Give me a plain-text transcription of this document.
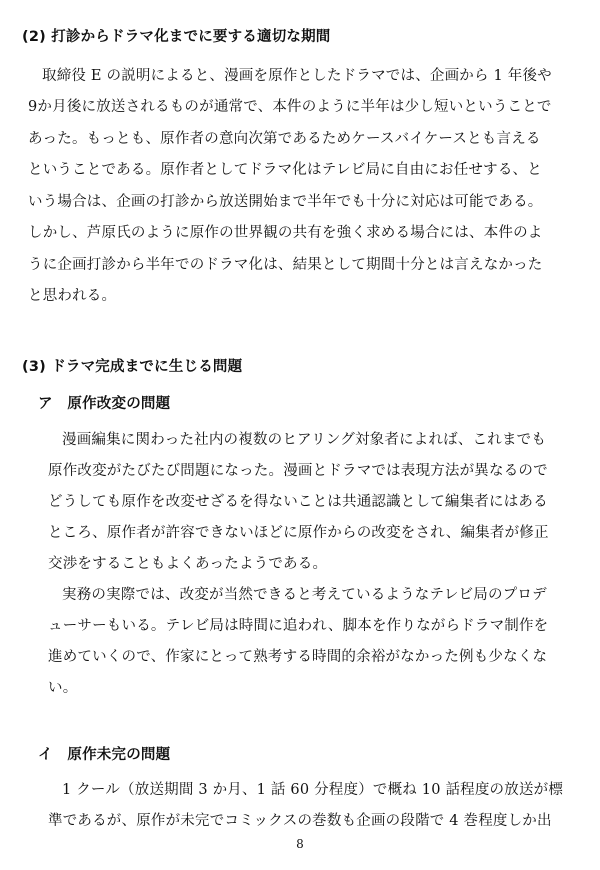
(2) 打診からドラマ化までに要する適切な期間
取締役 E の説明によると、漫画を原作としたドラマでは、企画から 1 年後や
9か月後に放送されるものが通常で、本件のように半年は少し短いということで
あった。もっとも、原作者の意向次第であるためケースバイケースとも言える
ということである。原作者としてドラマ化はテレビ局に自由にお任せする、と
いう場合は、企画の打診から放送開始まで半年でも十分に対応は可能である。
しかし、芦原氏のように原作の世界観の共有を強く求める場合には、本件のよ
うに企画打診から半年でのドラマ化は、結果として期間十分とは言えなかった
と思われる。
(3) ドラマ完成までに生じる問題
ア　原作改変の問題
漫画編集に関わった社内の複数のヒアリング対象者によれば、これまでも
原作改変がたびたび問題になった。漫画とドラマでは表現方法が異なるので
どうしても原作を改変せざるを得ないことは共通認識として編集者にはある
ところ、原作者が許容できないほどに原作からの改変をされ、編集者が修正
交渉をすることもよくあったようである。
実務の実際では、改変が当然できると考えているようなテレビ局のプロデ
ューサーもいる。テレビ局は時間に追われ、脚本を作りながらドラマ制作を
進めていくので、作家にとって熟考する時間的余裕がなかった例も少なくな
い。
イ　原作未完の問題
1 クール（放送期間 3 か月、1 話 60 分程度）で概ね 10 話程度の放送が標
準であるが、原作が未完でコミックスの巻数も企画の段階で 4 巻程度しか出
8
